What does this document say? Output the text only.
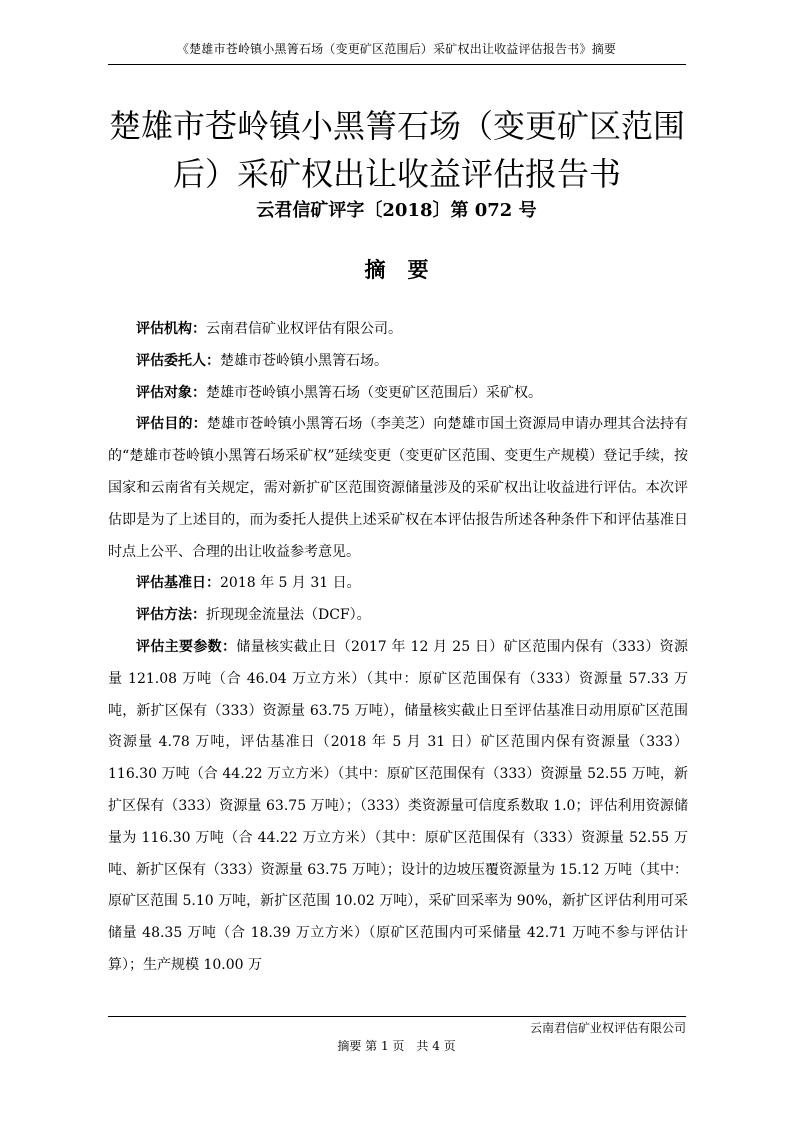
《楚雄市苍岭镇小黑箐石场（变更矿区范围后）采矿权出让收益评估报告书》摘要
楚雄市苍岭镇小黑箐石场（变更矿区范围
后）采矿权出让收益评估报告书
云君信矿评字〔2018〕第 072 号
摘要

评估机构：云南君信矿业权评估有限公司。

评估委托人：楚雄市苍岭镇小黑箐石场。

评估对象：楚雄市苍岭镇小黑箐石场（变更矿区范围后）采矿权。

评估目的：楚雄市苍岭镇小黑箐石场（李美芝）向楚雄市国土资源局申请办理其合法持有的“楚雄市苍岭镇小黑箐石场采矿权”延续变更（变更矿区范围、变更生产规模）登记手续，按国家和云南省有关规定，需对新扩矿区范围资源储量涉及的采矿权出让收益进行评估。本次评估即是为了上述目的，而为委托人提供上述采矿权在本评估报告所述各种条件下和评估基准日时点上公平、合理的出让收益参考意见。

评估基准日：2018 年 5 月 31 日。

评估方法：折现现金流量法（DCF）。

评估主要参数：储量核实截止日（2017 年 12 月 25 日）矿区范围内保有（333）资源量 121.08 万吨（合 46.04 万立方米）（其中：原矿区范围保有（333）资源量 57.33 万吨，新扩区保有（333）资源量 63.75 万吨），储量核实截止日至评估基准日动用原矿区范围资源量 4.78 万吨，评估基准日（2018 年 5 月 31 日）矿区范围内保有资源量（333）116.30 万吨（合 44.22 万立方米）（其中：原矿区范围保有（333）资源量 52.55 万吨，新扩区保有（333）资源量 63.75 万吨）；（333）类资源量可信度系数取 1.0；评估利用资源储量为 116.30 万吨（合 44.22 万立方米）（其中：原矿区范围保有（333）资源量 52.55 万吨、新扩区保有（333）资源量 63.75 万吨）；设计的边坡压覆资源量为 15.12 万吨（其中：原矿区范围 5.10 万吨，新扩区范围 10.02 万吨），采矿回采率为 90%，新扩区评估利用可采储量 48.35 万吨（合 18.39 万立方米）（原矿区范围内可采储量 42.71 万吨不参与评估计算）；生产规模 10.00 万

云南君信矿业权评估有限公司
摘要 第 1 页　共 4 页
